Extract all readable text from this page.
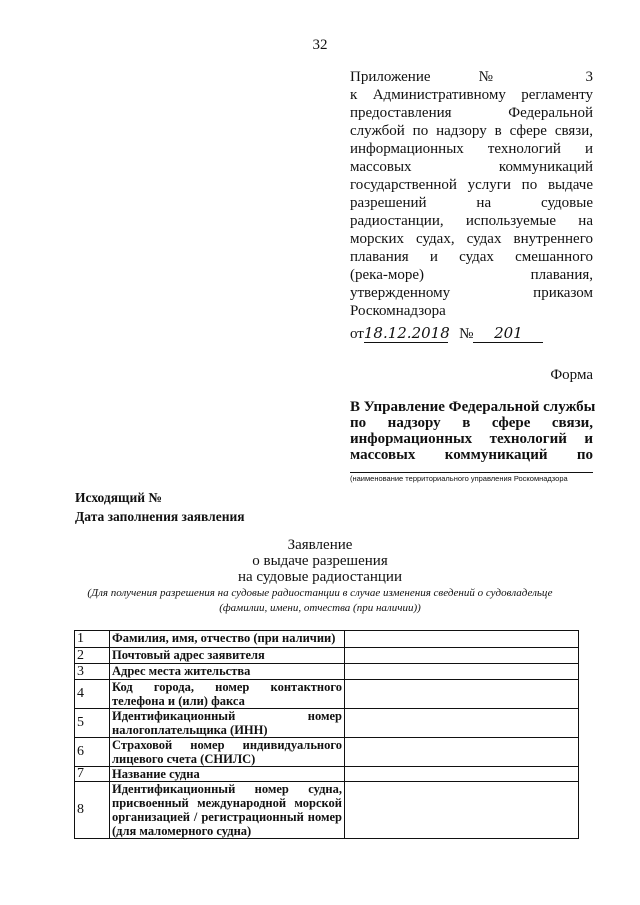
32
Приложение № 3
к Административному регламенту
предоставления Федеральной
службой по надзору в сфере связи,
информационных технологий и
массовых коммуникаций
государственной услуги по выдаче
разрешений на судовые
радиостанции, используемые на
морских судах, судах внутреннего
плавания и судах смешанного
(река-море) плавания,
утвержденному приказом
Роскомнадзора
от18.12.2018 № 201
Форма
В Управление Федеральной службы
по надзору в сфере связи,
информационных технологий и
массовых коммуникаций по
(наименование территориального управления Роскомнадзора
Исходящий №
Дата заполнения заявления
Заявление
о выдаче разрешения
на судовые радиостанции
(Для получения разрешения на судовые радиостанции в случае изменения сведений о судовладельце
(фамилии, имени, отчества (при наличии))
1	Фамилия, имя, отчество (при наличии)	
2	Почтовый адрес заявителя	
3	Адрес места жительства	
4	Код города, номер контактного телефона и (или) факса	
5	Идентификационный номер налогоплательщика (ИНН)	
6	Страховой номер индивидуального лицевого счета (СНИЛС)	
7	Название судна	
8	Идентификационный номер судна, присвоенный международной морской организацией / регистрационный номер (для маломерного судна)	
